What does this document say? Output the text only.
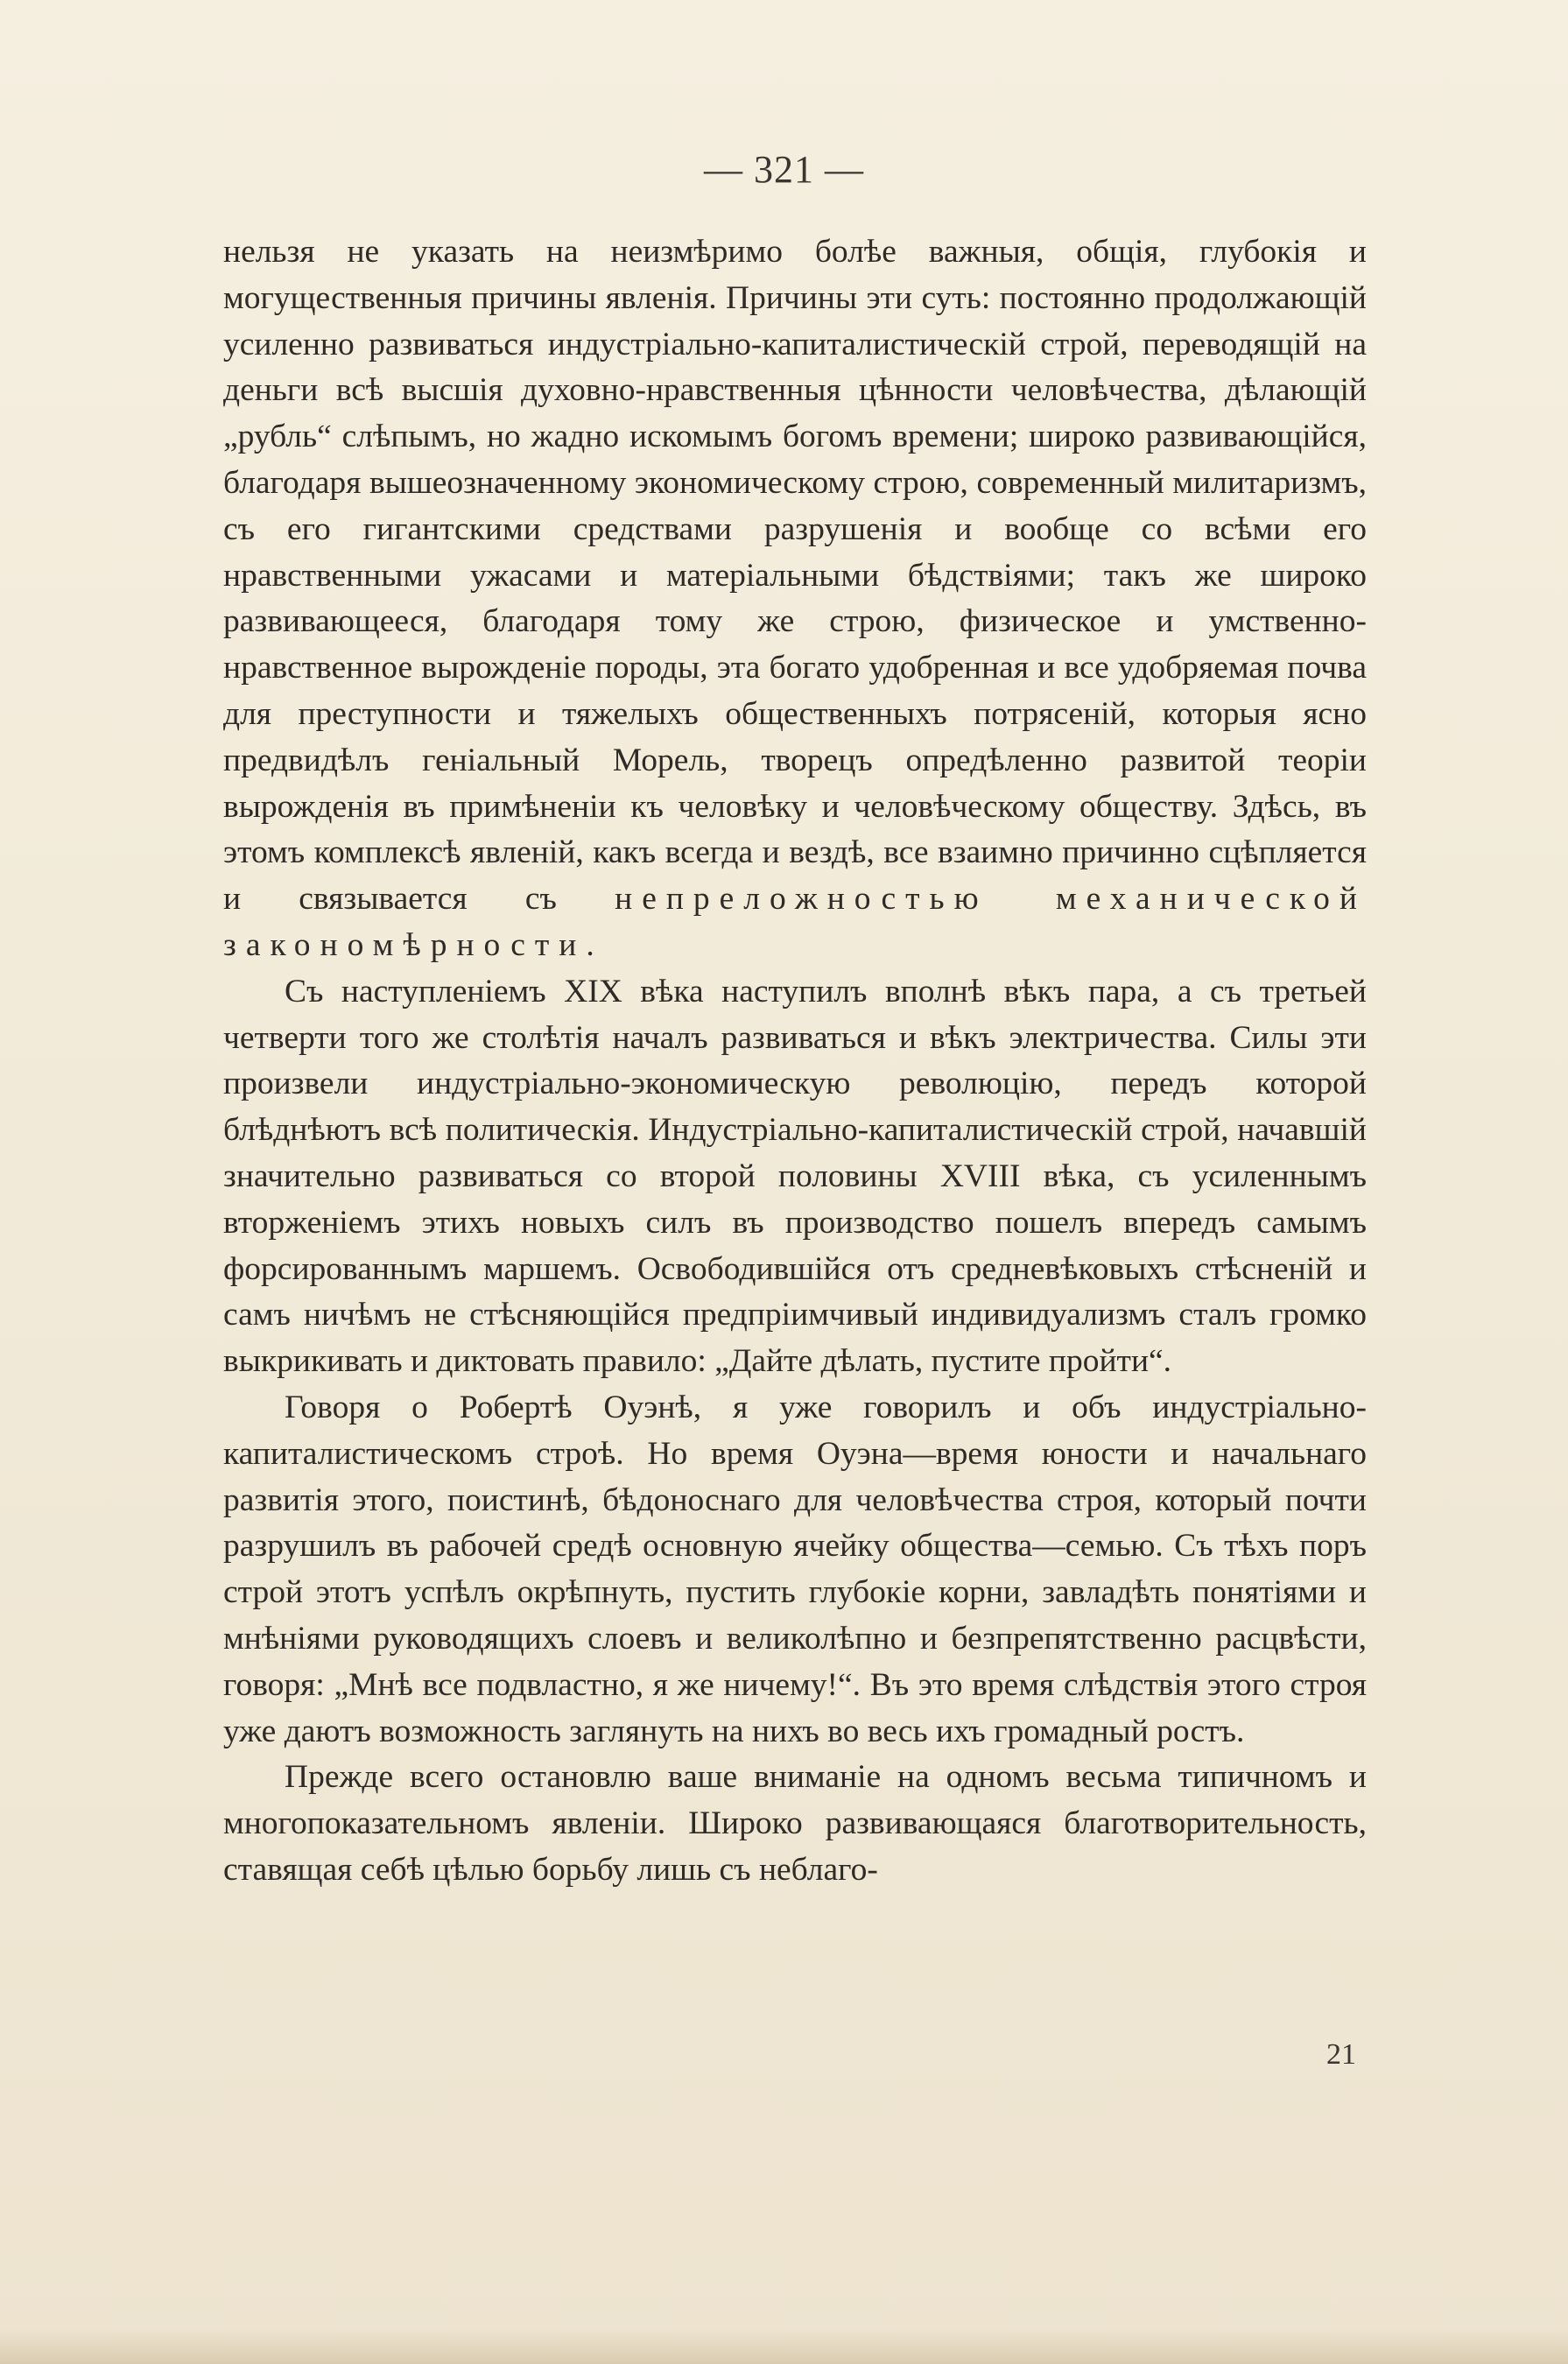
— 321 —

нельзя не указать на неизмѣримо болѣе важныя, общія, глубокія и могущественныя причины явленія. Причины эти суть: постоянно продолжающій усиленно развиваться индустріально-капиталистическій строй, переводящій на деньги всѣ высшія духовно-нравственныя цѣнности человѣчества, дѣлающій „рубль“ слѣпымъ, но жадно искомымъ богомъ времени; широко развивающійся, благодаря вышеозначенному экономическому строю, современный милитаризмъ, съ его гигантскими средствами разрушенія и вообще со всѣми его нравственными ужасами и матеріальными бѣдствіями; такъ же широко развивающееся, благодаря тому же строю, физическое и умственно-нравственное вырожденіе породы, эта богато удобренная и все удобряемая почва для преступности и тяжелыхъ общественныхъ потрясеній, которыя ясно предвидѣлъ геніальный Морель, творецъ опредѣленно развитой теоріи вырожденія въ примѣненіи къ человѣку и человѣческому обществу. Здѣсь, въ этомъ комплексѣ явленій, какъ всегда и вездѣ, все взаимно причинно сцѣпляется и связывается съ непреложностью механической закономѣрности.

Съ наступленіемъ XIX вѣка наступилъ вполнѣ вѣкъ пара, а съ третьей четверти того же столѣтія началъ развиваться и вѣкъ электричества. Силы эти произвели индустріально-экономическую революцію, передъ которой блѣднѣютъ всѣ политическія. Индустріально-капиталистическій строй, начавшій значительно развиваться со второй половины XVIII вѣка, съ усиленнымъ вторженіемъ этихъ новыхъ силъ въ производство пошелъ впередъ самымъ форсированнымъ маршемъ. Освободившійся отъ средневѣковыхъ стѣсненій и самъ ничѣмъ не стѣсняющійся предпріимчивый индивидуализмъ сталъ громко выкрикивать и диктовать правило: „Дайте дѣлать, пустите пройти“.

Говоря о Робертѣ Оуэнѣ, я уже говорилъ и объ индустріально-капиталистическомъ строѣ. Но время Оуэна—время юности и начальнаго развитія этого, поистинѣ, бѣдоноснаго для человѣчества строя, который почти разрушилъ въ рабочей средѣ основную ячейку общества—семью. Съ тѣхъ поръ строй этотъ успѣлъ окрѣпнуть, пустить глубокіе корни, завладѣть понятіями и мнѣніями руководящихъ слоевъ и великолѣпно и безпрепятственно расцвѣсти, говоря: „Мнѣ все подвластно, я же ничему!“. Въ это время слѣдствія этого строя уже даютъ возможность заглянуть на нихъ во весь ихъ громадный ростъ.

Прежде всего остановлю ваше вниманіе на одномъ весьма типичномъ и многопоказательномъ явленіи. Широко развивающаяся благотворительность, ставящая себѣ цѣлью борьбу лишь съ неблаго-

21
